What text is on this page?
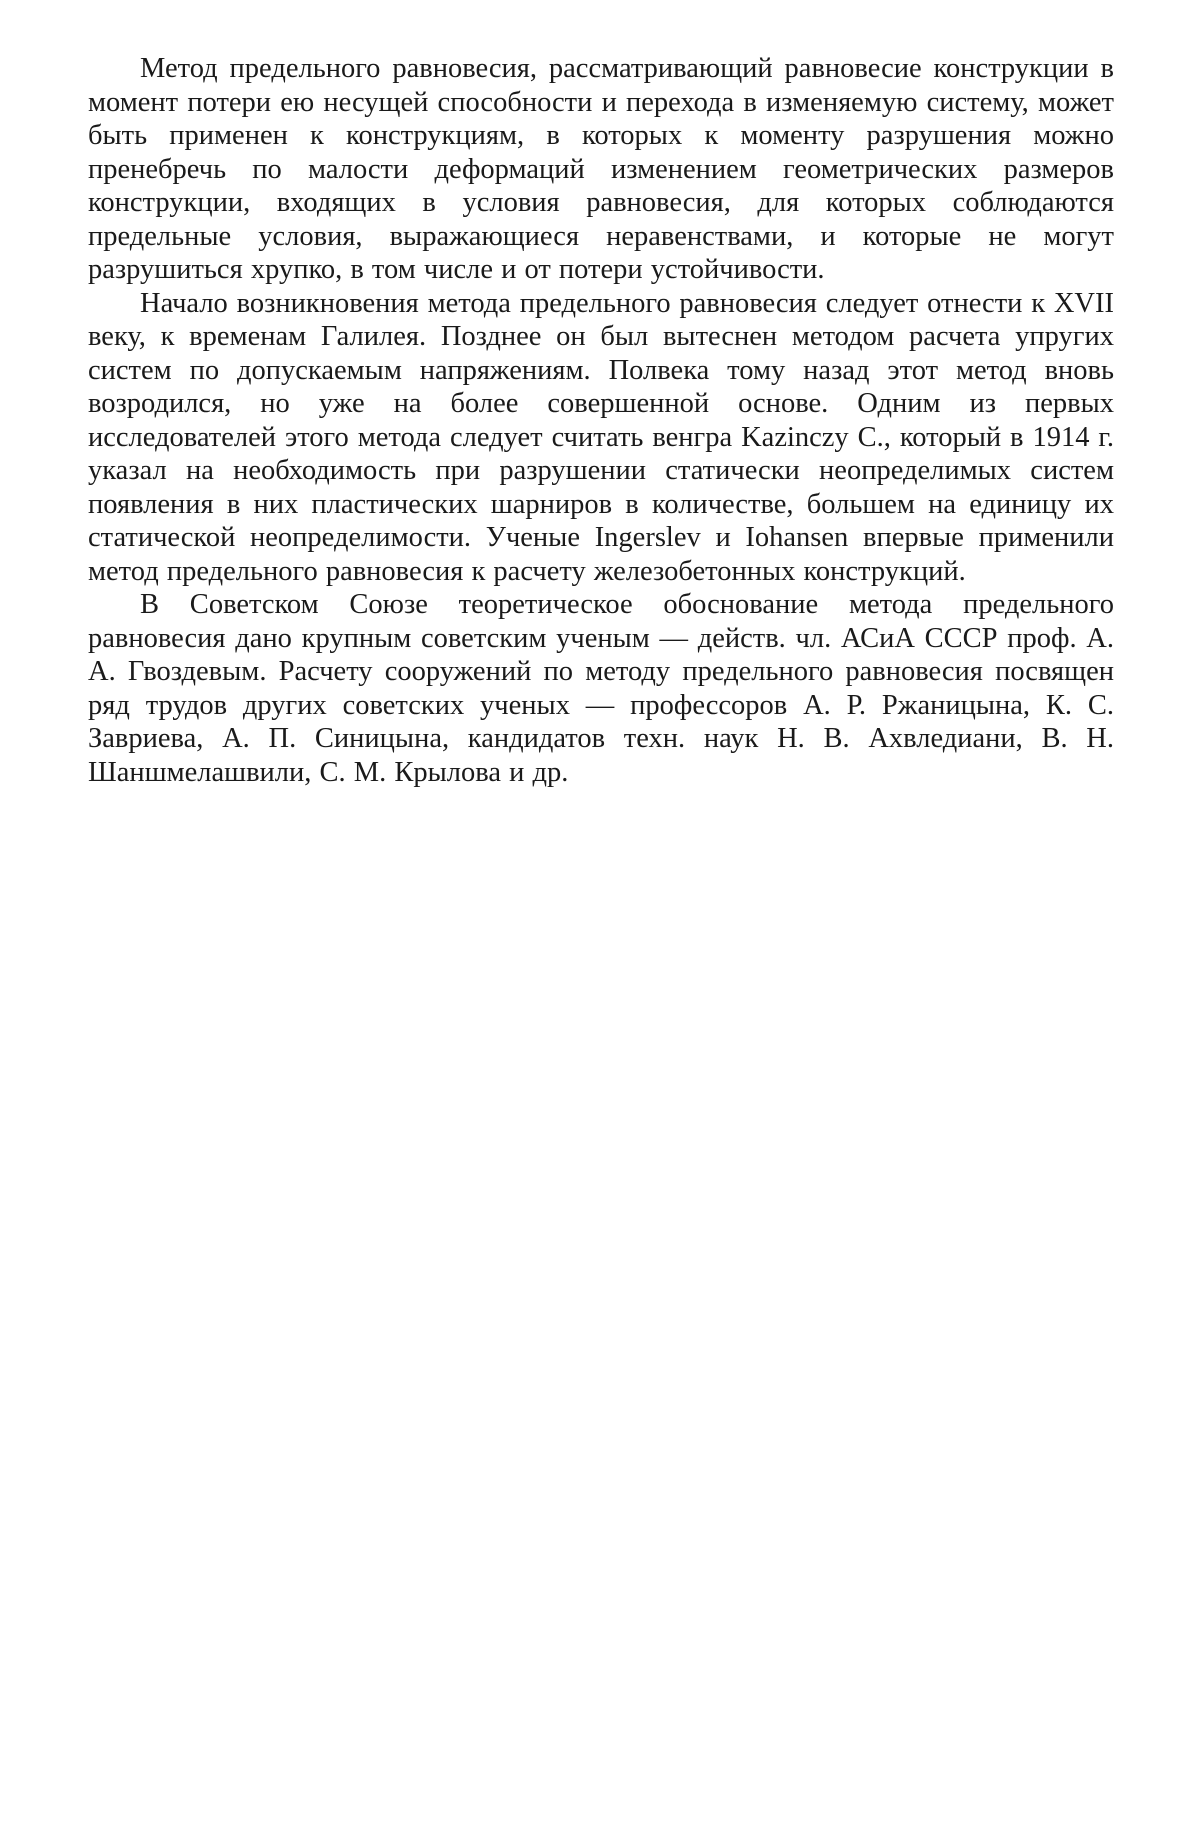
Метод предельного равновесия, рассматривающий равновесие конструкции в момент потери ею несущей способности и перехода в изменяемую систему, может быть применен к конструкциям, в которых к моменту разрушения можно пренебречь по малости деформаций изменением геометрических размеров конструкции, входящих в условия равновесия, для которых соблюдаются предельные условия, выражающиеся неравенствами, и которые не могут разрушиться хрупко, в том числе и от потери устойчивости.

Начало возникновения метода предельного равновесия следует отнести к XVII веку, к временам Галилея. Позднее он был вытеснен методом расчета упругих систем по допускаемым напряжениям. Полвека тому назад этот метод вновь возродился, но уже на более совершенной основе. Одним из первых исследователей этого метода следует считать венгра Kazinczy C., который в 1914 г. указал на необходимость при разрушении статически неопределимых систем появления в них пластических шарниров в количестве, большем на единицу их статической неопределимости. Ученые Ingerslev и Iohansen впервые применили метод предельного равновесия к расчету железобетонных конструкций.

В Советском Союзе теоретическое обоснование метода предельного равновесия дано крупным советским ученым — действ. чл. АСиА СССР проф. А. А. Гвоздевым. Расчету сооружений по методу предельного равновесия посвящен ряд трудов других советских ученых — профессоров А. Р. Ржаницына, К. С. Завриева, А. П. Синицына, кандидатов техн. наук Н. В. Ахвледиани, В. Н. Шаншмелашвили, С. М. Крылова и др.
